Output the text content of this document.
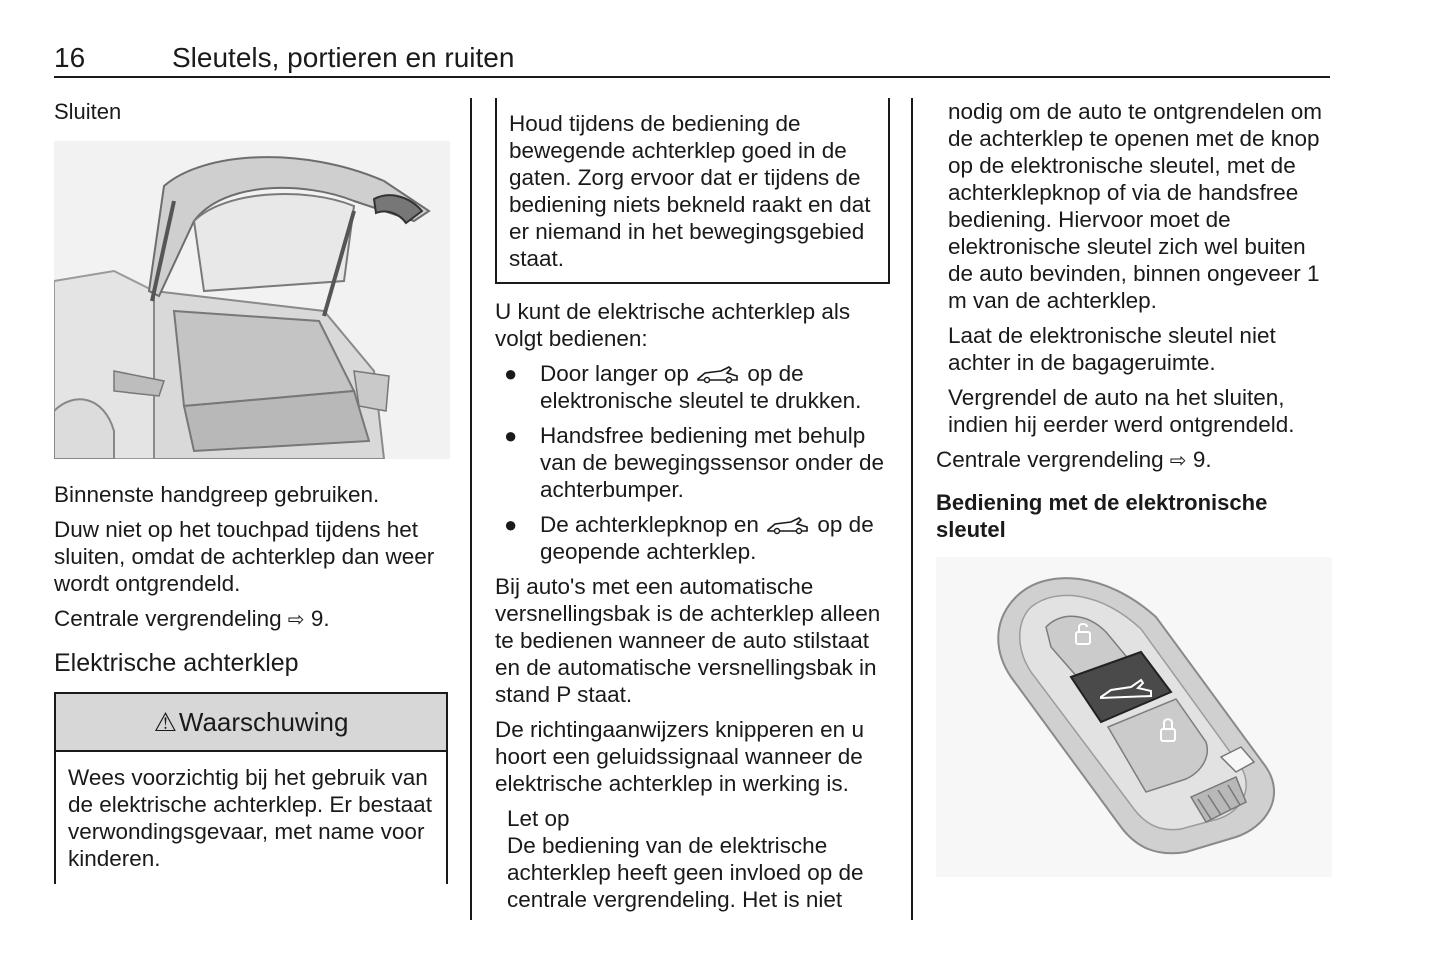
16	Sleutels, portieren en ruiten

Sluiten

Binnenste handgreep gebruiken.

Duw niet op het touchpad tijdens het sluiten, omdat de achterklep dan weer wordt ontgrendeld.

Centrale vergrendeling ⇨ 9.

Elektrische achterklep

⚠ Waarschuwing
Wees voorzichtig bij het gebruik van de elektrische achterklep. Er bestaat verwondingsgevaar, met name voor kinderen.
Houd tijdens de bediening de bewegende achterklep goed in de gaten. Zorg ervoor dat er tijdens de bediening niets bekneld raakt en dat er niemand in het bewegingsgebied staat.

U kunt de elektrische achterklep als volgt bedienen:

● Door langer op  op de elektronische sleutel te drukken.
● Handsfree bediening met behulp van de bewegingssensor onder de achterbumper.
● De achterklepknop en  op de geopende achterklep.

Bij auto's met een automatische versnellingsbak is de achterklep alleen te bedienen wanneer de auto stilstaat en de automatische versnellingsbak in stand P staat.

De richtingaanwijzers knipperen en u hoort een geluidssignaal wanneer de elektrische achterklep in werking is.

Let op

De bediening van de elektrische achterklep heeft geen invloed op de centrale vergrendeling. Het is niet

nodig om de auto te ontgrendelen om de achterklep te openen met de knop op de elektronische sleutel, met de achterklepknop of via de handsfree bediening. Hiervoor moet de elektronische sleutel zich wel buiten de auto bevinden, binnen ongeveer 1 m van de achterklep.

Laat de elektronische sleutel niet achter in de bagageruimte.

Vergrendel de auto na het sluiten, indien hij eerder werd ontgrendeld.

Centrale vergrendeling ⇨ 9.

Bediening met de elektronische sleutel
